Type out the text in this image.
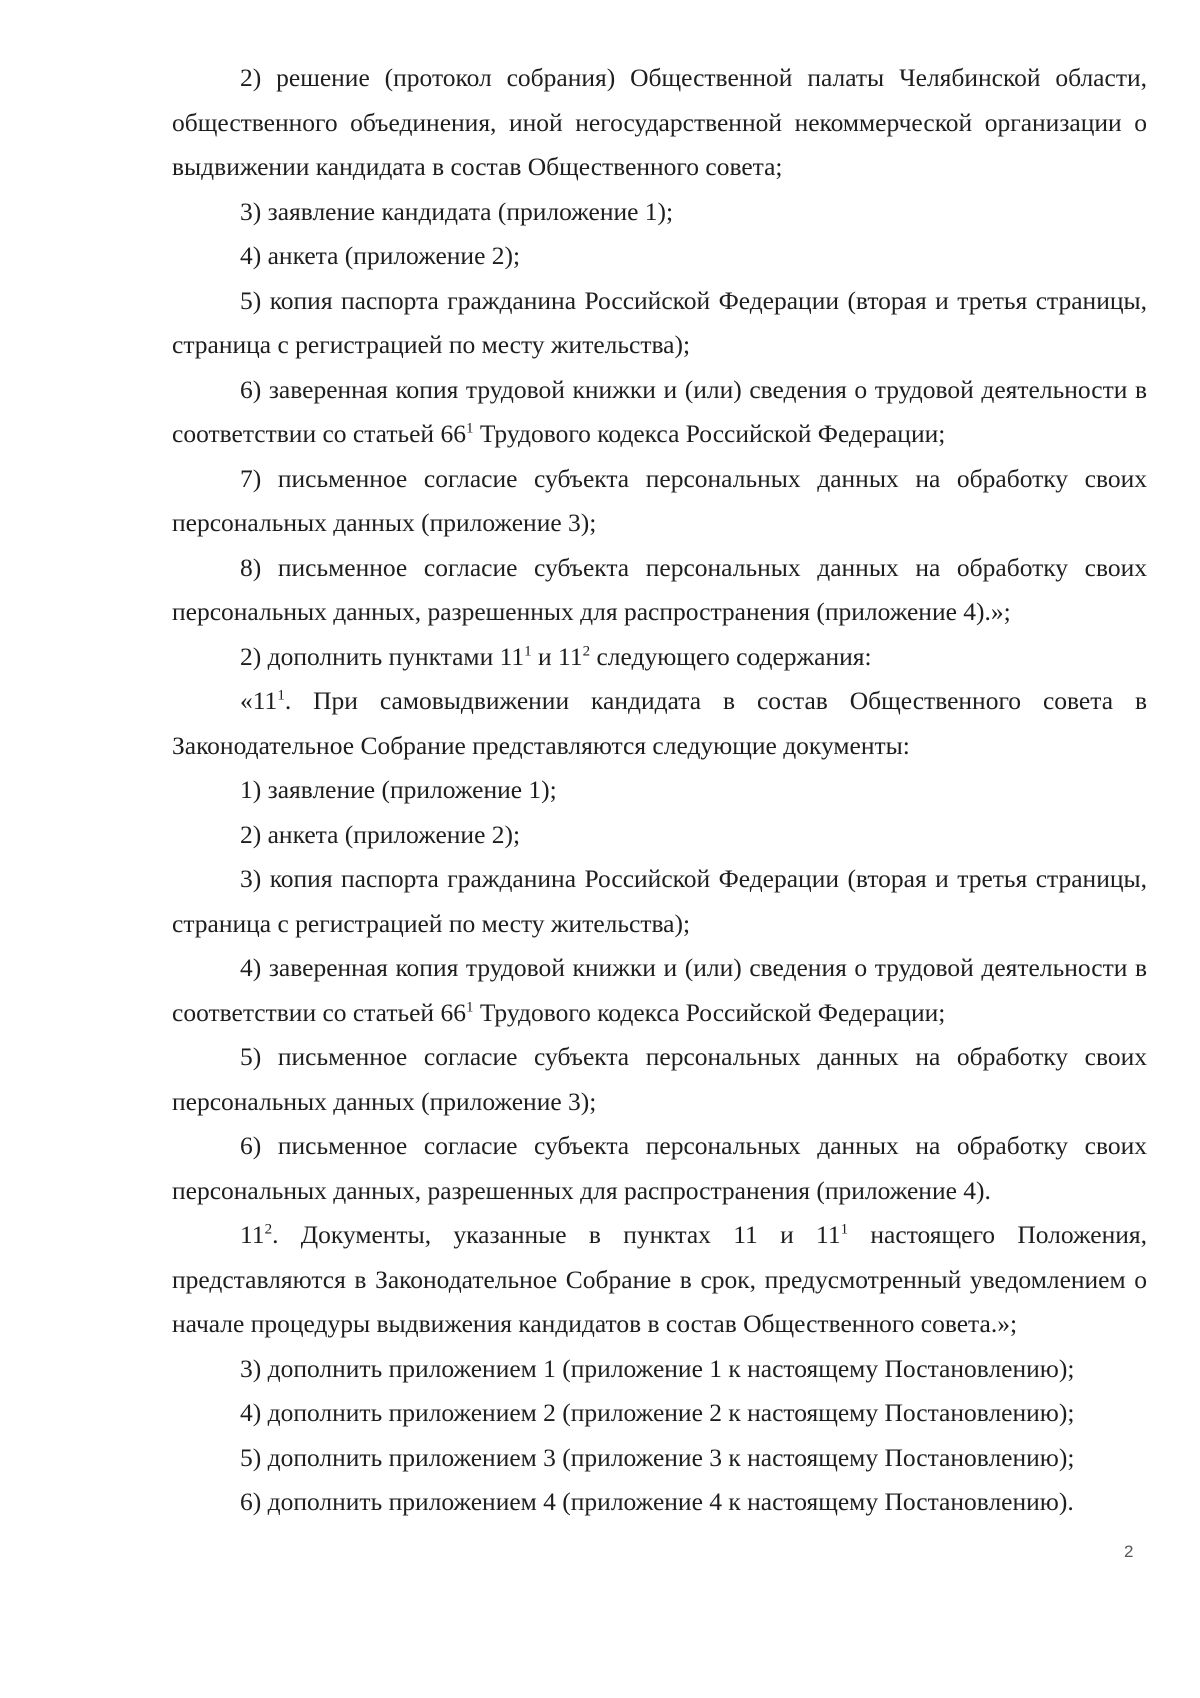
2) решение (протокол собрания) Общественной палаты Челябинской области, общественного объединения, иной негосударственной некоммерческой организации о выдвижении кандидата в состав Общественного совета;

3) заявление кандидата (приложение 1);

4) анкета (приложение 2);

5) копия паспорта гражданина Российской Федерации (вторая и третья страницы, страница с регистрацией по месту жительства);

6) заверенная копия трудовой книжки и (или) сведения о трудовой деятельности в соответствии со статьей $66^1$ Трудового кодекса Российской Федерации;

7) письменное согласие субъекта персональных данных на обработку своих персональных данных (приложение 3);

8) письменное согласие субъекта персональных данных на обработку своих персональных данных, разрешенных для распространения (приложение 4).»;

2) дополнить пунктами $11^1$ и $11^2$ следующего содержания:

«$11^1$. При самовыдвижении кандидата в состав Общественного совета в Законодательное Собрание представляются следующие документы:

1) заявление (приложение 1);

2) анкета (приложение 2);

3) копия паспорта гражданина Российской Федерации (вторая и третья страницы, страница с регистрацией по месту жительства);

4) заверенная копия трудовой книжки и (или) сведения о трудовой деятельности в соответствии со статьей $66^1$ Трудового кодекса Российской Федерации;

5) письменное согласие субъекта персональных данных на обработку своих персональных данных (приложение 3);

6) письменное согласие субъекта персональных данных на обработку своих персональных данных, разрешенных для распространения (приложение 4).

$11^2$. Документы, указанные в пунктах 11 и $11^1$ настоящего Положения, представляются в Законодательное Собрание в срок, предусмотренный уведомлением о начале процедуры выдвижения кандидатов в состав Общественного совета.»;

3) дополнить приложением 1 (приложение 1 к настоящему Постановлению);

4) дополнить приложением 2 (приложение 2 к настоящему Постановлению);

5) дополнить приложением 3 (приложение 3 к настоящему Постановлению);

6) дополнить приложением 4 (приложение 4 к настоящему Постановлению).

2
